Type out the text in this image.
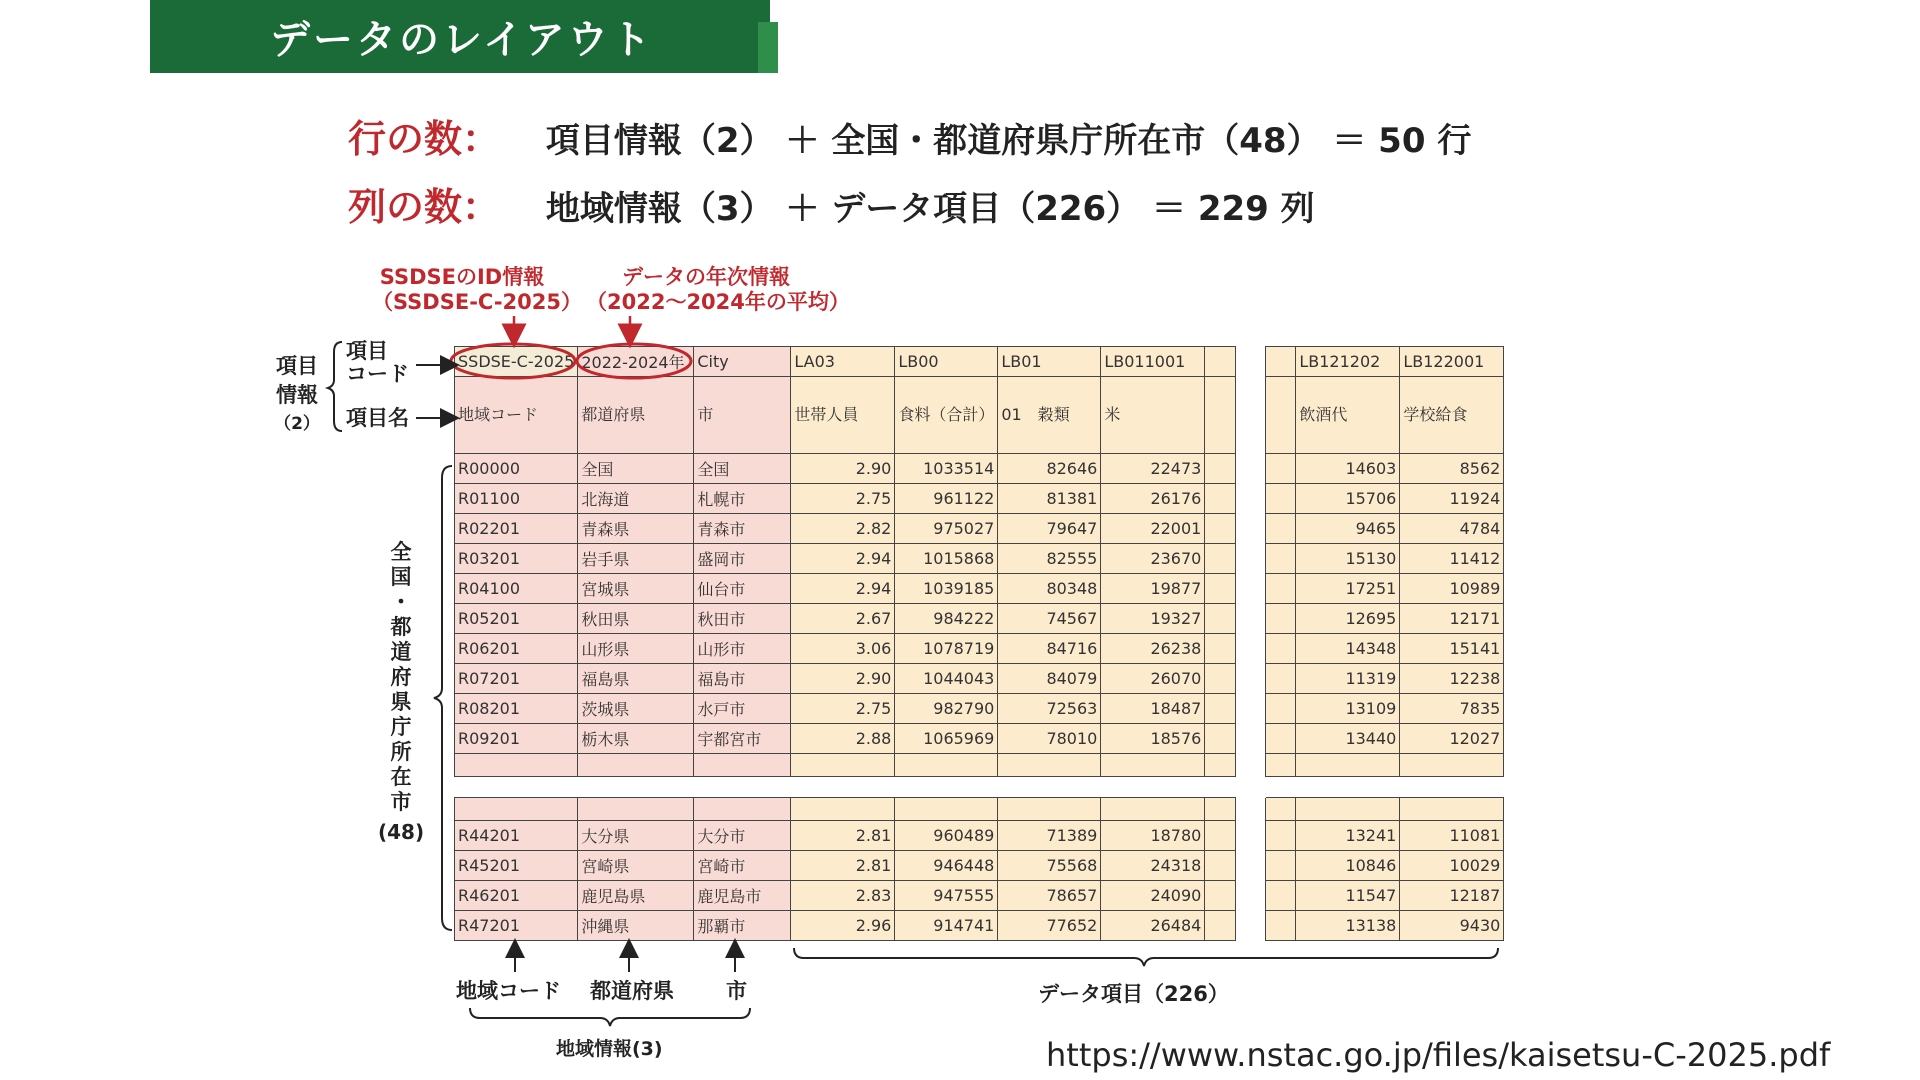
データのレイアウト
行の数： 項目情報（2） ＋ 全国・都道府県庁所在市（48） ＝ 50 行
列の数： 地域情報（3） ＋ データ項目（226） ＝ 229 列
SSDSEのID情報
（SSDSE-C-2025）
データの年次情報
（2022～2024年の平均）
項目
情報
（2）
項目
コード
項目名
全
国
・
都
道
府
県
庁
所
在
市
(48)
SSDSE-C-2025	2022-2024年	City	LA03	LB00	LB01	LB011001				LB121202	LB122001
地域コード	都道府県	市	世帯人員	食料（合計）	01　穀類	米				飲酒代	学校給食
R00000	全国	全国	2.90	1033514	82646	22473				14603	8562
R01100	北海道	札幌市	2.75	961122	81381	26176				15706	11924
R02201	青森県	青森市	2.82	975027	79647	22001				9465	4784
R03201	岩手県	盛岡市	2.94	1015868	82555	23670				15130	11412
R04100	宮城県	仙台市	2.94	1039185	80348	19877				17251	10989
R05201	秋田県	秋田市	2.67	984222	74567	19327				12695	12171
R06201	山形県	山形市	3.06	1078719	84716	26238				14348	15141
R07201	福島県	福島市	2.90	1044043	84079	26070				11319	12238
R08201	茨城県	水戸市	2.75	982790	72563	18487				13109	7835
R09201	栃木県	宇都宮市	2.88	1065969	78010	18576				13440	12027

R44201	大分県	大分市	2.81	960489	71389	18780				13241	11081
R45201	宮崎県	宮崎市	2.81	946448	75568	24318				10846	10029
R46201	鹿児島県	鹿児島市	2.83	947555	78657	24090				11547	12187
R47201	沖縄県	那覇市	2.96	914741	77652	26484				13138	9430
地域コード 都道府県 市
地域情報(3)
データ項目（226）
https://www.nstac.go.jp/files/kaisetsu-C-2025.pdf
